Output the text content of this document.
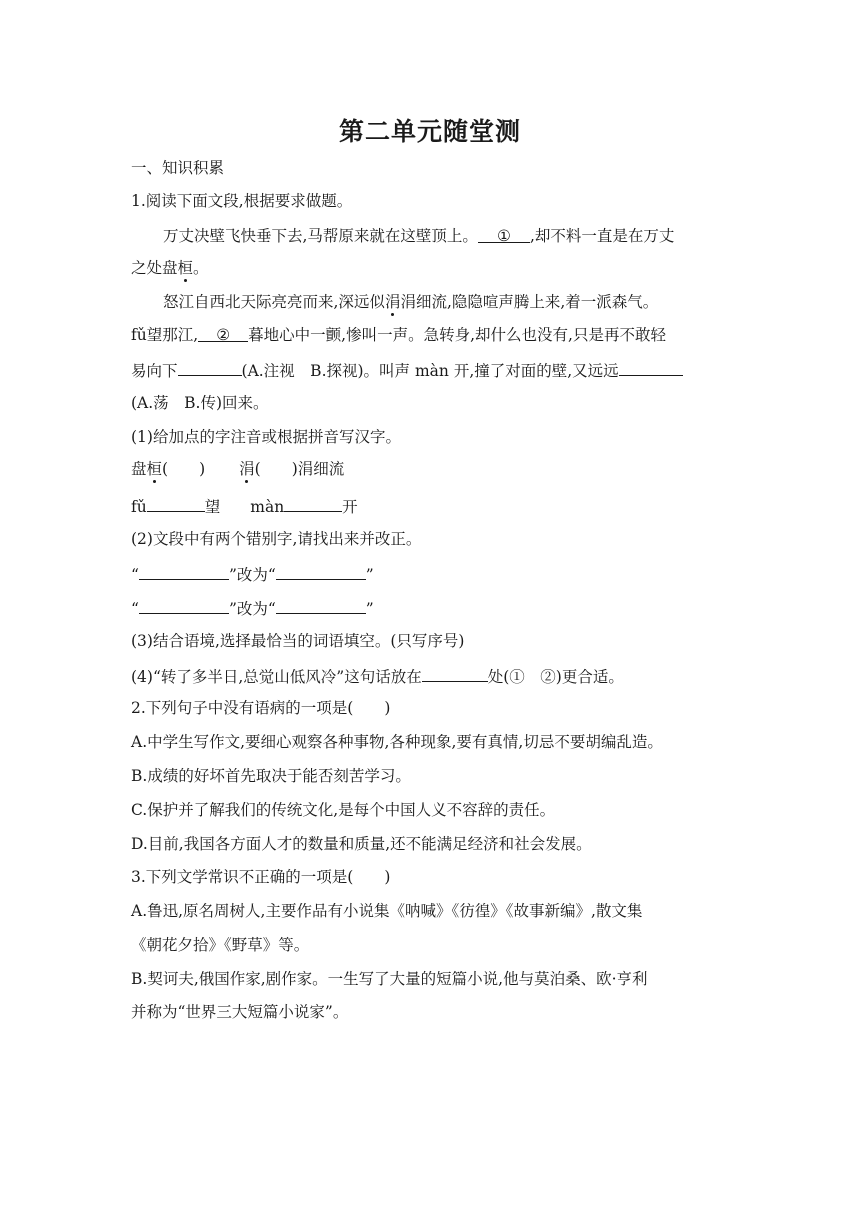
第二单元随堂测
一、知识积累
1.阅读下面文段,根据要求做题。
万丈决壁飞快垂下去,马帮原来就在这壁顶上。 ① ,却不料一直是在万丈
之处盘桓。
怒江自西北天际亮亮而来,深远似涓涓细流,隐隐喧声腾上来,着一派森气。
fǔ望那江, ② 暮地心中一颤,惨叫一声。急转身,却什么也没有,只是再不敢轻
易向下	(A.注视　B.探视)。叫声 màn 开,撞了对面的壁,又远远
(A.荡　B.传)回来。
(1)给加点的字注音或根据拼音写汉字。
盘桓(　　) 涓(　　)涓细流
fǔ	望 màn	开
(2)文段中有两个错别字,请找出来并改正。
“	”改为“	”
“	”改为“	”
(3)结合语境,选择最恰当的词语填空。(只写序号)
(4)“转了多半日,总觉山低风冷”这句话放在	处(①　②)更合适。
2.下列句子中没有语病的一项是(　　)
A.中学生写作文,要细心观察各种事物,各种现象,要有真情,切忌不要胡编乱造。
B.成绩的好坏首先取决于能否刻苦学习。
C.保护并了解我们的传统文化,是每个中国人义不容辞的责任。
D.目前,我国各方面人才的数量和质量,还不能满足经济和社会发展。
3.下列文学常识不正确的一项是(　　)
A.鲁迅,原名周树人,主要作品有小说集《呐喊》《彷徨》《故事新编》,散文集
《朝花夕拾》《野草》等。
B.契诃夫,俄国作家,剧作家。一生写了大量的短篇小说,他与莫泊桑、欧·亨利
并称为“世界三大短篇小说家”。
